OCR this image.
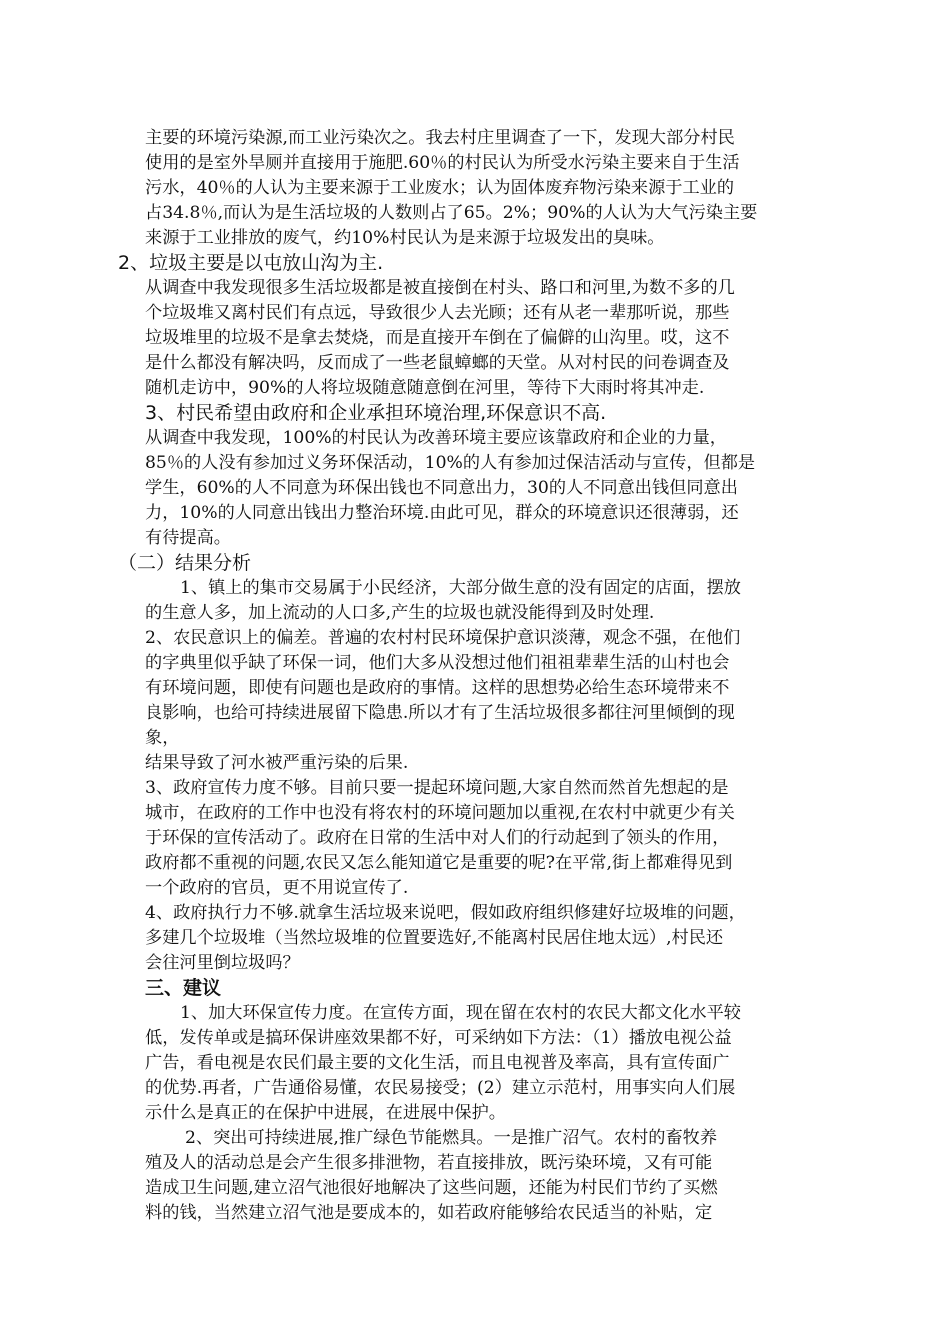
主要的环境污染源,而工业污染次之。我去村庄里调查了一下，发现大部分村民
使用的是室外旱厕并直接用于施肥.60％的村民认为所受水污染主要来自于生活
污水，40％的人认为主要来源于工业废水；认为固体废弃物污染来源于工业的
占34.8％,而认为是生活垃圾的人数则占了65。2%；90%的人认为大气污染主要
来源于工业排放的废气，约10%村民认为是来源于垃圾发出的臭味。
2、垃圾主要是以屯放山沟为主.
从调查中我发现很多生活垃圾都是被直接倒在村头、路口和河里,为数不多的几
个垃圾堆又离村民们有点远，导致很少人去光顾；还有从老一辈那听说，那些
垃圾堆里的垃圾不是拿去焚烧，而是直接开车倒在了偏僻的山沟里。哎，这不
是什么都没有解决吗，反而成了一些老鼠蟑螂的天堂。从对村民的问卷调查及
随机走访中，90%的人将垃圾随意随意倒在河里，等待下大雨时将其冲走.
3、村民希望由政府和企业承担环境治理,环保意识不高.
从调查中我发现，100%的村民认为改善环境主要应该靠政府和企业的力量，
85％的人没有参加过义务环保活动，10%的人有参加过保洁活动与宣传，但都是
学生，60%的人不同意为环保出钱也不同意出力，30的人不同意出钱但同意出
力，10%的人同意出钱出力整治环境.由此可见，群众的环境意识还很薄弱，还
有待提高。
（二）结果分析
1、镇上的集市交易属于小民经济，大部分做生意的没有固定的店面，摆放
的生意人多，加上流动的人口多,产生的垃圾也就没能得到及时处理.
2、农民意识上的偏差。普遍的农村村民环境保护意识淡薄，观念不强，在他们
的字典里似乎缺了环保一词，他们大多从没想过他们祖祖辈辈生活的山村也会
有环境问题，即使有问题也是政府的事情。这样的思想势必给生态环境带来不
良影响，也给可持续进展留下隐患.所以才有了生活垃圾很多都往河里倾倒的现
象，
结果导致了河水被严重污染的后果.
3、政府宣传力度不够。目前只要一提起环境问题,大家自然而然首先想起的是
城市，在政府的工作中也没有将农村的环境问题加以重视,在农村中就更少有关
于环保的宣传活动了。政府在日常的生活中对人们的行动起到了领头的作用，
政府都不重视的问题,农民又怎么能知道它是重要的呢?在平常,街上都难得见到
一个政府的官员，更不用说宣传了.
4、政府执行力不够.就拿生活垃圾来说吧，假如政府组织修建好垃圾堆的问题，
多建几个垃圾堆（当然垃圾堆的位置要选好,不能离村民居住地太远）,村民还
会往河里倒垃圾吗？
三、建议
1、加大环保宣传力度。在宣传方面，现在留在农村的农民大都文化水平较
低，发传单或是搞环保讲座效果都不好，可采纳如下方法：（1）播放电视公益
广告，看电视是农民们最主要的文化生活，而且电视普及率高，具有宣传面广
的优势.再者，广告通俗易懂，农民易接受；(2）建立示范村，用事实向人们展
示什么是真正的在保护中进展，在进展中保护。
2、突出可持续进展,推广绿色节能燃具。一是推广沼气。农村的畜牧养
殖及人的活动总是会产生很多排泄物，若直接排放，既污染环境，又有可能
造成卫生问题,建立沼气池很好地解决了这些问题，还能为村民们节约了买燃
料的钱，当然建立沼气池是要成本的，如若政府能够给农民适当的补贴，定
